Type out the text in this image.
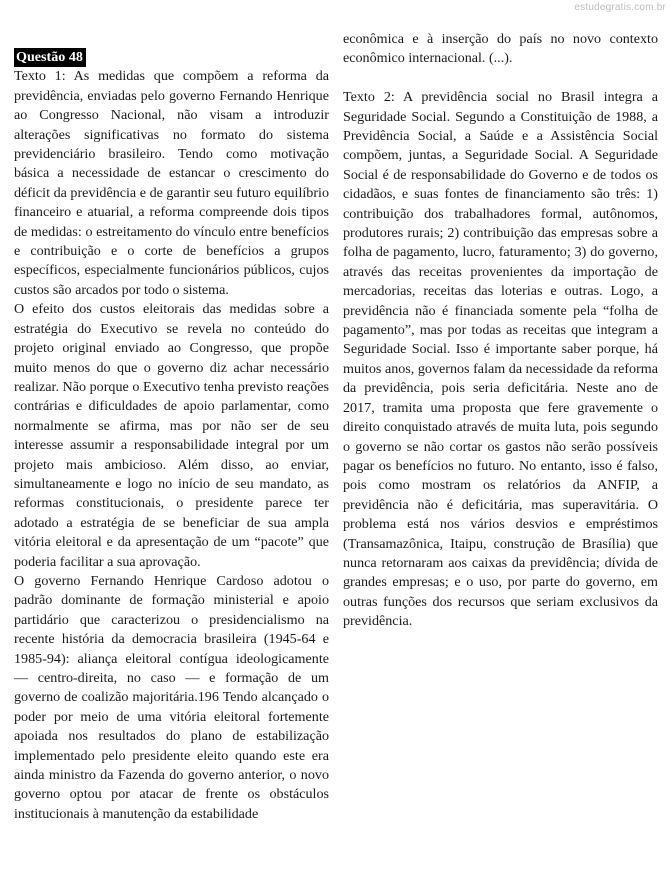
estudegratis.com.br
Questão 48

Texto 1: As medidas que compõem a reforma da previdência, enviadas pelo governo Fernando Henrique ao Congresso Nacional, não visam a introduzir alterações significativas no formato do sistema previdenciário brasileiro. Tendo como motivação básica a necessidade de estancar o crescimento do déficit da previdência e de garantir seu futuro equilíbrio financeiro e atuarial, a reforma compreende dois tipos de medidas: o estreitamento do vínculo entre benefícios e contribuição e o corte de benefícios a grupos específicos, especialmente funcionários públicos, cujos custos são arcados por todo o sistema.

O efeito dos custos eleitorais das medidas sobre a estratégia do Executivo se revela no conteúdo do projeto original enviado ao Congresso, que propõe muito menos do que o governo diz achar necessário realizar. Não porque o Executivo tenha previsto reações contrárias e dificuldades de apoio parlamentar, como normalmente se afirma, mas por não ser de seu interesse assumir a responsabilidade integral por um projeto mais ambicioso. Além disso, ao enviar, simultaneamente e logo no início de seu mandato, as reformas constitucionais, o presidente parece ter adotado a estratégia de se beneficiar de sua ampla vitória eleitoral e da apresentação de um “pacote” que poderia facilitar a sua aprovação.

O governo Fernando Henrique Cardoso adotou o padrão dominante de formação ministerial e apoio partidário que caracterizou o presidencialismo na recente história da democracia brasileira (1945-64 e 1985-94): aliança eleitoral contígua ideologicamente — centro-direita, no caso — e formação de um governo de coalizão majoritária.196 Tendo alcançado o poder por meio de uma vitória eleitoral fortemente apoiada nos resultados do plano de estabilização implementado pelo presidente eleito quando este era ainda ministro da Fazenda do governo anterior, o novo governo optou por atacar de frente os obstáculos institucionais à manutenção da estabilidade

econômica e à inserção do país no novo contexto econômico internacional. (...).

Texto 2: A previdência social no Brasil integra a Seguridade Social. Segundo a Constituição de 1988, a Previdência Social, a Saúde e a Assistência Social compõem, juntas, a Seguridade Social. A Seguridade Social é de responsabilidade do Governo e de todos os cidadãos, e suas fontes de financiamento são três: 1) contribuição dos trabalhadores formal, autônomos, produtores rurais; 2) contribuição das empresas sobre a folha de pagamento, lucro, faturamento; 3) do governo, através das receitas provenientes da importação de mercadorias, receitas das loterias e outras. Logo, a previdência não é financiada somente pela “folha de pagamento”, mas por todas as receitas que integram a Seguridade Social. Isso é importante saber porque, há muitos anos, governos falam da necessidade da reforma da previdência, pois seria deficitária. Neste ano de 2017, tramita uma proposta que fere gravemente o direito conquistado através de muita luta, pois segundo o governo se não cortar os gastos não serão possíveis pagar os benefícios no futuro. No entanto, isso é falso, pois como mostram os relatórios da ANFIP, a previdência não é deficitária, mas superavitária. O problema está nos vários desvios e empréstimos (Transamazônica, Itaipu, construção de Brasília) que nunca retornaram aos caixas da previdência; dívida de grandes empresas; e o uso, por parte do governo, em outras funções dos recursos que seriam exclusivos da previdência.
